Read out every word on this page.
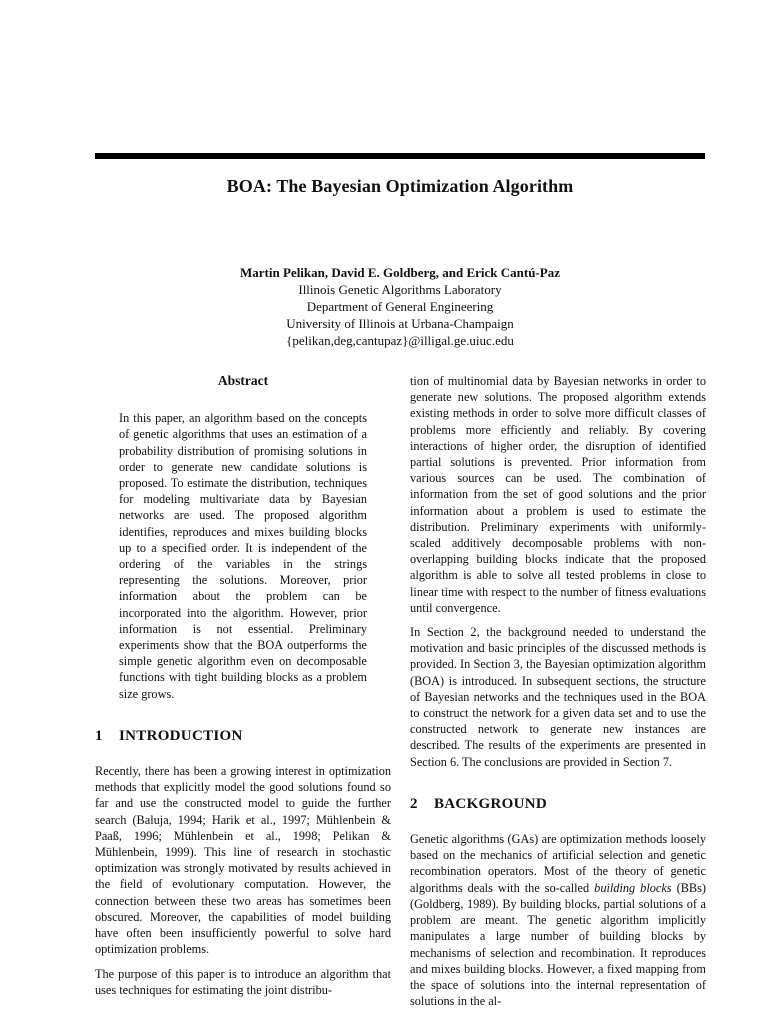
BOA: The Bayesian Optimization Algorithm
Martin Pelikan, David E. Goldberg, and Erick Cantú-Paz
Illinois Genetic Algorithms Laboratory
Department of General Engineering
University of Illinois at Urbana-Champaign
{pelikan,deg,cantupaz}@illigal.ge.uiuc.edu
Abstract

In this paper, an algorithm based on the concepts of genetic algorithms that uses an estimation of a probability distribution of promising solutions in order to generate new candidate solutions is proposed. To estimate the distribution, techniques for modeling multivariate data by Bayesian networks are used. The proposed algorithm identifies, reproduces and mixes building blocks up to a specified order. It is independent of the ordering of the variables in the strings representing the solutions. Moreover, prior information about the problem can be incorporated into the algorithm. However, prior information is not essential. Preliminary experiments show that the BOA outperforms the simple genetic algorithm even on decomposable functions with tight building blocks as a problem size grows.

1 INTRODUCTION

Recently, there has been a growing interest in optimization methods that explicitly model the good solutions found so far and use the constructed model to guide the further search (Baluja, 1994; Harik et al., 1997; Mühlenbein & Paaß, 1996; Mühlenbein et al., 1998; Pelikan & Mühlenbein, 1999). This line of research in stochastic optimization was strongly motivated by results achieved in the field of evolutionary computation. However, the connection between these two areas has sometimes been obscured. Moreover, the capabilities of model building have often been insufficiently powerful to solve hard optimization problems.

The purpose of this paper is to introduce an algorithm that uses techniques for estimating the joint distribu-

tion of multinomial data by Bayesian networks in order to generate new solutions. The proposed algorithm extends existing methods in order to solve more difficult classes of problems more efficiently and reliably. By covering interactions of higher order, the disruption of identified partial solutions is prevented. Prior information from various sources can be used. The combination of information from the set of good solutions and the prior information about a problem is used to estimate the distribution. Preliminary experiments with uniformly-scaled additively decomposable problems with non-overlapping building blocks indicate that the proposed algorithm is able to solve all tested problems in close to linear time with respect to the number of fitness evaluations until convergence.

In Section 2, the background needed to understand the motivation and basic principles of the discussed methods is provided. In Section 3, the Bayesian optimization algorithm (BOA) is introduced. In subsequent sections, the structure of Bayesian networks and the techniques used in the BOA to construct the network for a given data set and to use the constructed network to generate new instances are described. The results of the experiments are presented in Section 6. The conclusions are provided in Section 7.

2 BACKGROUND

Genetic algorithms (GAs) are optimization methods loosely based on the mechanics of artificial selection and genetic recombination operators. Most of the theory of genetic algorithms deals with the so-called building blocks (BBs) (Goldberg, 1989). By building blocks, partial solutions of a problem are meant. The genetic algorithm implicitly manipulates a large number of building blocks by mechanisms of selection and recombination. It reproduces and mixes building blocks. However, a fixed mapping from the space of solutions into the internal representation of solutions in the al-
